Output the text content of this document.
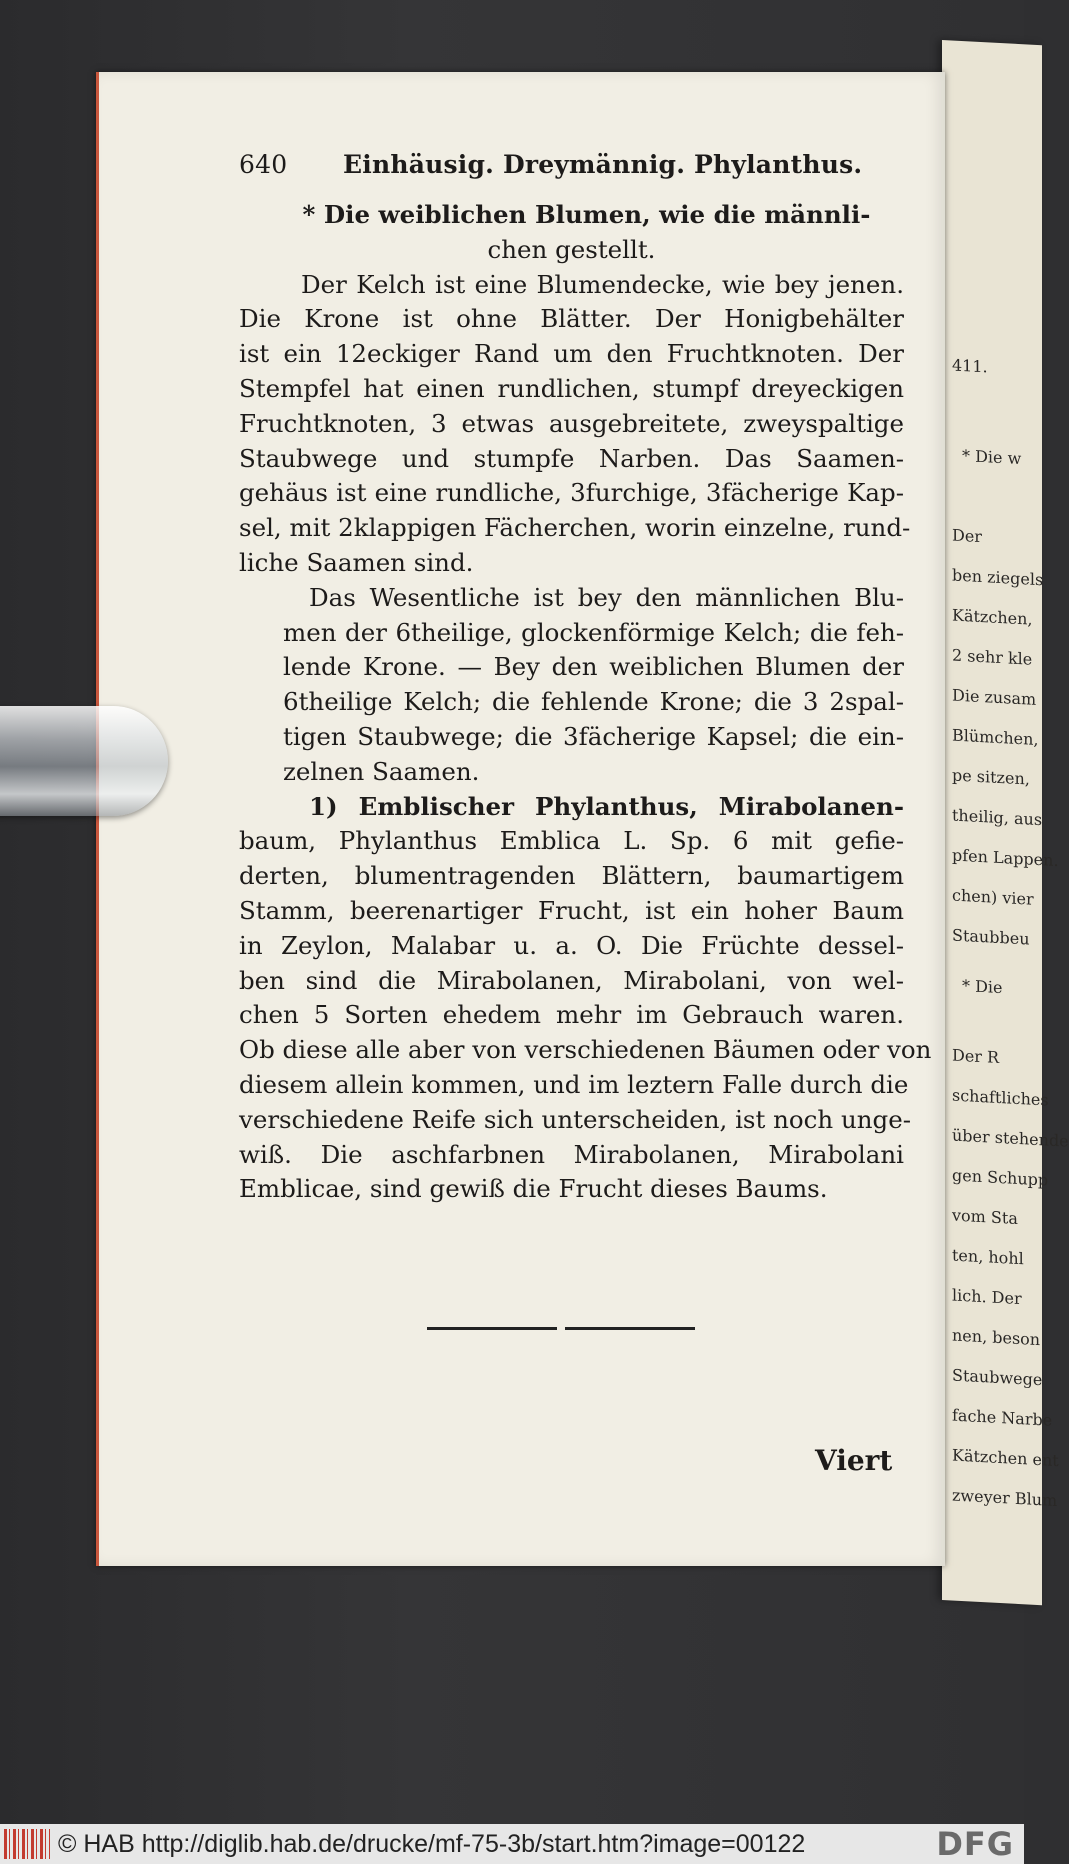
411.
* Die w
Der
ben ziegels
Kätzchen,
2 sehr kle
Die zusam
Blümchen,
pe sitzen,
theilig, aus
pfen Lappen.
chen) vier
Staubbeu
* Die
Der R
schaftliches
über stehende
gen Schupp
vom Sta
ten, hohl
lich. Der
nen, beson
Staubwege
fache Narbe
Kätzchen ent
zweyer Blum
640	Einhäusig. Dreymännig. Phylanthus.
* Die weiblichen Blumen, wie die männli-
chen gestellt.
Der Kelch ist eine Blumendecke, wie bey jenen.
Die Krone ist ohne Blätter. Der Honigbehälter
ist ein 12eckiger Rand um den Fruchtknoten. Der
Stempfel hat einen rundlichen, stumpf dreyeckigen
Fruchtknoten, 3 etwas ausgebreitete, zweyspaltige
Staubwege und stumpfe Narben. Das Saamen-
gehäus ist eine rundliche, 3furchige, 3fächerige Kap-
sel, mit 2klappigen Fächerchen, worin einzelne, rund-
liche Saamen sind.
Das Wesentliche ist bey den männlichen Blu-
men der 6theilige, glockenförmige Kelch; die feh-
lende Krone. — Bey den weiblichen Blumen der
6theilige Kelch; die fehlende Krone; die 3 2spal-
tigen Staubwege; die 3fächerige Kapsel; die ein-
zelnen Saamen.
1) Emblischer Phylanthus, Mirabolanen-
baum, Phylanthus Emblica L. Sp. 6 mit gefie-
derten, blumentragenden Blättern, baumartigem
Stamm, beerenartiger Frucht, ist ein hoher Baum
in Zeylon, Malabar u. a. O. Die Früchte dessel-
ben sind die Mirabolanen, Mirabolani, von wel-
chen 5 Sorten ehedem mehr im Gebrauch waren.
Ob diese alle aber von verschiedenen Bäumen oder von
diesem allein kommen, und im leztern Falle durch die
verschiedene Reife sich unterscheiden, ist noch unge-
wiß. Die aschfarbnen Mirabolanen, Mirabolani
Emblicae, sind gewiß die Frucht dieses Baums.
Viert
© HAB http://diglib.hab.de/drucke/mf-75-3b/start.htm?image=00122	DFG
